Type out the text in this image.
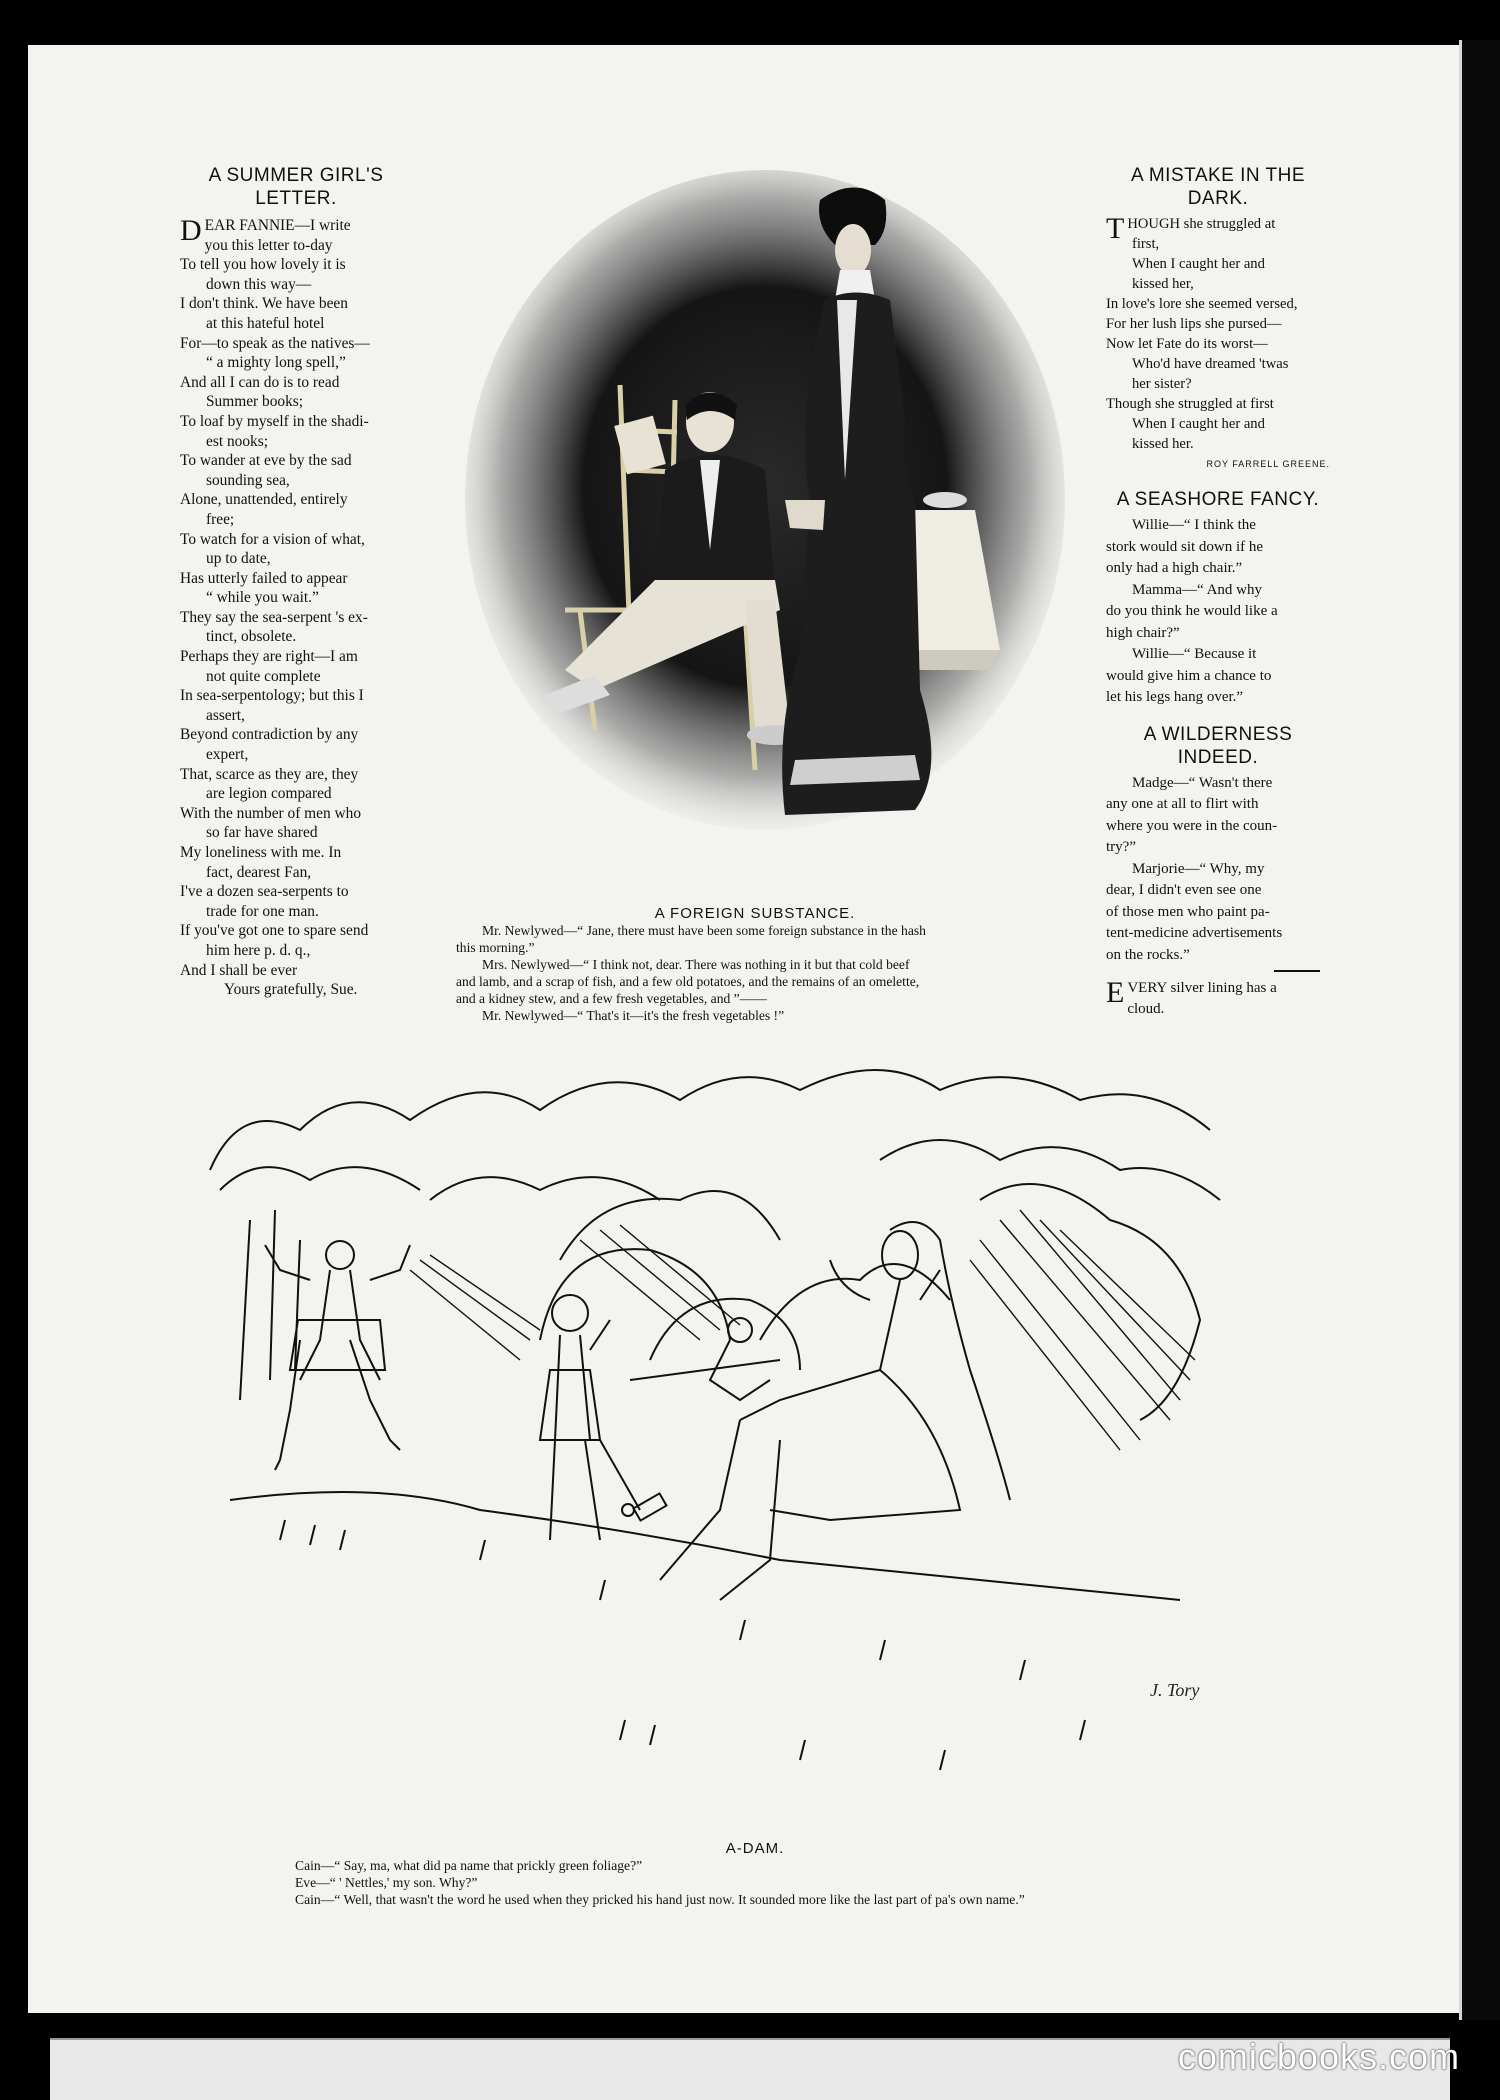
comicbooks.com
A SUMMER GIRL'S
LETTER.
D EAR FANNIE—I write
you this letter to-day
To tell you how lovely it is
down this way—
I don't think. We have been
at this hateful hotel
For—to speak as the natives—
“ a mighty long spell,”
And all I can do is to read
Summer books;
To loaf by myself in the shadi-
est nooks;
To wander at eve by the sad
sounding sea,
Alone, unattended, entirely
free;
To watch for a vision of what,
up to date,
Has utterly failed to appear
“ while you wait.”
They say the sea-serpent 's ex-
tinct, obsolete.
Perhaps they are right—I am
not quite complete
In sea-serpentology; but this I
assert,
Beyond contradiction by any
expert,
That, scarce as they are, they
are legion compared
With the number of men who
so far have shared
My loneliness with me. In
fact, dearest Fan,
I've a dozen sea-serpents to
trade for one man.
If you've got one to spare send
him here p. d. q.,
And I shall be ever
Yours gratefully, Sue.
A FOREIGN SUBSTANCE.
Mr. Newlywed—“ Jane, there must have been some foreign substance in the hash
this morning.”
Mrs. Newlywed—“ I think not, dear. There was nothing in it but that cold beef
and lamb, and a scrap of fish, and a few old potatoes, and the remains of an omelette,
and a kidney stew, and a few fresh vegetables, and ”——
Mr. Newlywed—“ That's it—it's the fresh vegetables !”
A MISTAKE IN THE
DARK.
T HOUGH she struggled at
first,
When I caught her and
kissed her,
In love's lore she seemed versed,
For her lush lips she pursed—
Now let Fate do its worst—
Who'd have dreamed 'twas
her sister?
Though she struggled at first
When I caught her and
kissed her.
ROY FARRELL GREENE.
A SEASHORE FANCY.
Willie—“ I think the
stork would sit down if he
only had a high chair.”
Mamma—“ And why
do you think he would like a
high chair?”
Willie—“ Because it
would give him a chance to
let his legs hang over.”
A WILDERNESS
INDEED.
Madge—“ Wasn't there
any one at all to flirt with
where you were in the coun-
try?”
Marjorie—“ Why, my
dear, I didn't even see one
of those men who paint pa-
tent-medicine advertisements
on the rocks.”
E VERY silver lining has a
cloud.
J. Tory
A-DAM.
Cain—“ Say, ma, what did pa name that prickly green foliage?”
Eve—“ ' Nettles,' my son. Why?”
Cain—“ Well, that wasn't the word he used when they pricked his hand just now. It sounded more like the last part of pa's own name.”
